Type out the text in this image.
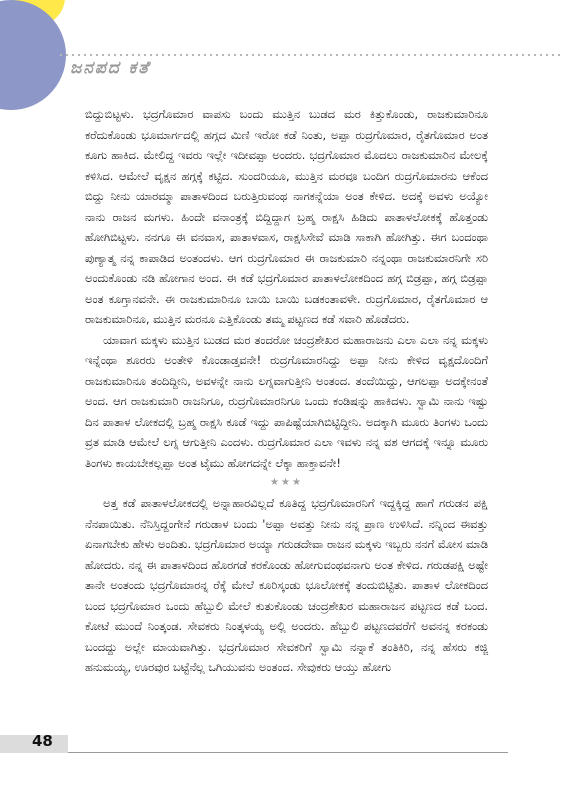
ಜನಪದ ಕತೆ

ಬಿದ್ದುಬಿಟ್ಟಳು. ಭದ್ರಗೊಮಾರ ವಾಪಸು ಬಂದು ಮುತ್ತಿನ ಬುಡದ ಮರ ಕಿತ್ತುಕೊಂಡು, ರಾಜಕುಮಾರಿನೂ ಕರೆದುಕೊಂಡು ಭೂಮಾರ್ಗದಲ್ಲಿ ಹಗ್ಗದ ಮಿಣಿ ಇರೋ ಕಡೆ ನಿಂತು, ಅಪ್ಪಾ ರುದ್ರಗೊಮಾರ, ರೈತಗೊಮಾರ ಅಂತ ಕೂಗು ಹಾಕಿದ. ಮೇಲಿದ್ದ ಇವರು ಇಲ್ಲೇ ಇದೀವಪ್ಪಾ ಅಂದರು. ಭದ್ರಗೊಮಾರ ಮೊದಲು ರಾಜಕುಮಾರಿನ ಮೇಲಕ್ಕೆ ಕಳಿಸಿದ. ಆಮೇಲೆ ವೃಕ್ಷನ ಹಗ್ಗಕ್ಕೆ ಕಟ್ಟಿದ. ಸುಂದರಿಯೂ, ಮುತ್ತಿನ ಮರವೂ ಬಂದಿಗ ರುದ್ರಗೊಮಾರನು ಆಕೆಂದ ಬಿದ್ದು ನೀನು ಯಾರಮ್ಮಾ ಪಾತಾಳದಿಂದ ಬರುತ್ತಿರುವಂಥ ನಾಗಕನ್ನೆಯಾ ಅಂತ ಕೇಳಿದ. ಅದಕ್ಕೆ ಅವಳು ಅಯ್ಯೋ ನಾನು ರಾಜನ ಮಗಳು. ಹಿಂದೇ ವನಾಂತ್ರಕ್ಕೆ ಬಿದ್ದಿದ್ದಾಗ ಬ್ರಹ್ಮ ರಾಕ್ಷಸಿ ಹಿಡಿದು ಪಾತಾಳಲೋಕಕ್ಕೆ ಹೊತ್ತಂಡು ಹೋಗಿಬಿಟ್ಟಳು. ನನಗೂ ಈ ವನವಾಸ, ಪಾತಾಳವಾಸ, ರಾಕ್ಷಸಿಸೇವೆ ಮಾಡಿ ಸಾಕಾಗಿ ಹೋಗಿತ್ತು. ಈಗ ಬಂದಂಥಾ ಪುಣ್ಯಾತ್ಮ ನನ್ನ ಕಾಪಾಡಿದ ಅಂತಂದಳು. ಆಗ ರುದ್ರಗೊಮಾರ ಈ ರಾಜಕುಮಾರಿ ನನ್ನಂಥಾ ರಾಜಕುಮಾರನಿಗೇ ಸರಿ ಅಂದುಕೊಂಡು ನಡಿ ಹೋಗಾನ ಅಂದ. ಈ ಕಡೆ ಭದ್ರಗೊಮಾರ ಪಾತಾಳಲೋಕದಿಂದ ಹಗ್ಗ ಬಿಡ್ರಪ್ಪಾ, ಹಗ್ಗ ಬಿಡ್ರಪ್ಪಾ ಅಂತ ಕೂಗ್ತಾನವನೇ. ಈ ರಾಜಕುಮಾರಿನೂ ಬಾಯಿ ಬಾಯಿ ಬಡಕಂತಾವಳೇ. ರುದ್ರಗೊಮಾರ, ರೈತಗೊಮಾರ ಆ ರಾಜಕುಮಾರಿನೂ, ಮುತ್ತಿನ ಮರನೂ ಎತ್ತಿಕೊಂಡು ತಮ್ಮ ಪಟ್ಟಣದ ಕಡೆ ಸವಾರಿ ಹೊಡೆದರು.

ಯಾವಾಗ ಮಕ್ಕಳು ಮುತ್ತಿನ ಬುಡದ ಮರ ತಂದರೋ ಚಂದ್ರಶೇಖರ ಮಹಾರಾಜನು ಎಲಾ ಎಲಾ ನನ್ನ ಮಕ್ಕಳು ಇನ್ನೆಂಥಾ ಶೂರರು ಅಂತೇಳಿ ಕೊಂಡಾಡ್ತವನೇ! ರುದ್ರಗೊಮಾರನಿದ್ದು ಅಪ್ಪಾ ನೀನು ಕೇಳಿದ ವೃಕ್ಷದೊಂದಿಗೆ ರಾಜಕುಮಾರಿನೂ ತಂದಿದ್ದೀನಿ, ಅವಳನ್ನೇ ನಾನು ಲಗ್ನವಾಗುತ್ತೀನಿ ಅಂತಂದ. ತಂದೆಯಿದ್ದು, ಆಗಲಪ್ಪಾ ಅದಕ್ಕೇನಂತೆ ಅಂದ. ಆಗ ರಾಜಕುಮಾರಿ ರಾಜನಿಗೂ, ರುದ್ರಗೊಮಾರನಿಗೂ ಒಂದು ಕಂಡಿಷನ್ನು ಹಾಕಿದಳು. ಸ್ವಾಮಿ ನಾನು ಇಷ್ಟು ದಿನ ಪಾತಾಳ ಲೋಕದಲ್ಲಿ ಬ್ರಹ್ಮ ರಾಕ್ಷಸಿ ಕೂಡೆ ಇದ್ದು ಪಾಪಿಷ್ಟೆಯಾಗಿಬಿಟ್ಟಿದ್ದೀನಿ. ಅದಕ್ಕಾಗಿ ಮೂರು ತಿಂಗಳು ಒಂದು ವ್ರತ ಮಾಡಿ ಆಮೇಲೆ ಲಗ್ನ ಆಗುತ್ತೀನಿ ಎಂದಳು. ರುದ್ರಗೊಮಾರ ಎಲಾ ಇವಳು ನನ್ನ ವಶ ಆಗದಕ್ಕೆ ಇನ್ನೂ ಮೂರು ತಿಂಗಳು ಕಾಯಬೇಕಲ್ಲಪ್ಪಾ ಅಂತ ಟೈಮು ಹೋಗದನ್ನೇ ಲೆಕ್ಕಾ ಹಾಕ್ತಾವನೇ!

★★★

ಅತ್ತ ಕಡೆ ಪಾತಾಳಲೋಕದಲ್ಲಿ ಅನ್ನಾಹಾರವಿಲ್ಲದೆ ಕೂತಿದ್ದ ಭದ್ರಗೊಮಾರನಿಗೆ ಇದ್ದಕ್ಕಿದ್ದ ಹಾಗೆ ಗರುಡನ ಪಕ್ಷಿ ನೆನಪಾಯಿತು. ನೆನಿಸ್ತಿದ್ದಂಗೇನೆ ಗರುಡಾಳ ಬಂದು 'ಅಪ್ಪಾ ಅವತ್ತು ನೀನು ನನ್ನ ಪ್ರಾಣ ಉಳಿಸಿದೆ. ನನ್ನಿಂದ ಈವತ್ತು ಏನಾಗಬೇಕು ಹೇಳು ಅಂದಿತು. ಭದ್ರಗೊಮಾರ ಅಯ್ಯಾ ಗರುಡದೇವಾ ರಾಜನ ಮಕ್ಕಳು ಇಬ್ಬರು ನನಗೆ ಮೋಸ ಮಾಡಿ ಹೋದರು. ನನ್ನ ಈ ಪಾತಾಳದಿಂದ ಹೊರಗಡೆ ಕರಕೊಂಡು ಹೋಗುವಂಥವನಾಗು ಅಂತ ಕೇಳಿದ. ಗರುಡಪಕ್ಷಿ ಅಷ್ಟೇ ತಾನೇ ಅಂತಂದು ಭದ್ರಗೊಮಾರನ್ನ ರೆಕ್ಕೆ ಮೇಲೆ ಕೂರಿಸ್ಕಂಡು ಭೂಲೋಕಕ್ಕೆ ತಂದುಬಿಟ್ಟಿತು. ಪಾತಾಳ ಲೋಕದಿಂದ ಬಂದ ಭದ್ರಗೊಮಾರ ಒಂದು ಹೆಬ್ಬುಲಿ ಮೇಲೆ ಕುತುಕೊಂಡು ಚಂದ್ರಶೇಖರ ಮಹಾರಾಜನ ಪಟ್ಟಣದ ಕಡೆ ಬಂದ. ಕೋಟೆ ಮುಂದೆ ನಿಂತ್ಕಂಡ. ಸೇವಕರು ನಿಂತ್ಕಳಯ್ಯ ಅಲ್ಲಿ ಅಂದರು. ಹೆಬ್ಬುಲಿ ಪಟ್ಟಣದವರೆಗೆ ಅವನನ್ನ ಕರಕಂಡು ಬಂದದ್ದು ಅಲ್ಲೇ ಮಾಯವಾಗಿತ್ತು. ಭದ್ರಗೊಮಾರ ಸೇವಕರಿಗೆ ಸ್ವಾಮಿ ನನ್ನಾಕೆ ತಂತಿಕಿರಿ, ನನ್ನ ಹೆಸರು ಕಜ್ಜಿ ಹನುಮಯ್ಯ, ಊರವುರ ಬಟ್ಟೆನೆಲ್ಲ ಒಗಿಯುವನು ಅಂತಂದ. ಸೇವುಕರು ಆಯ್ತು ಹೋಗು

48
